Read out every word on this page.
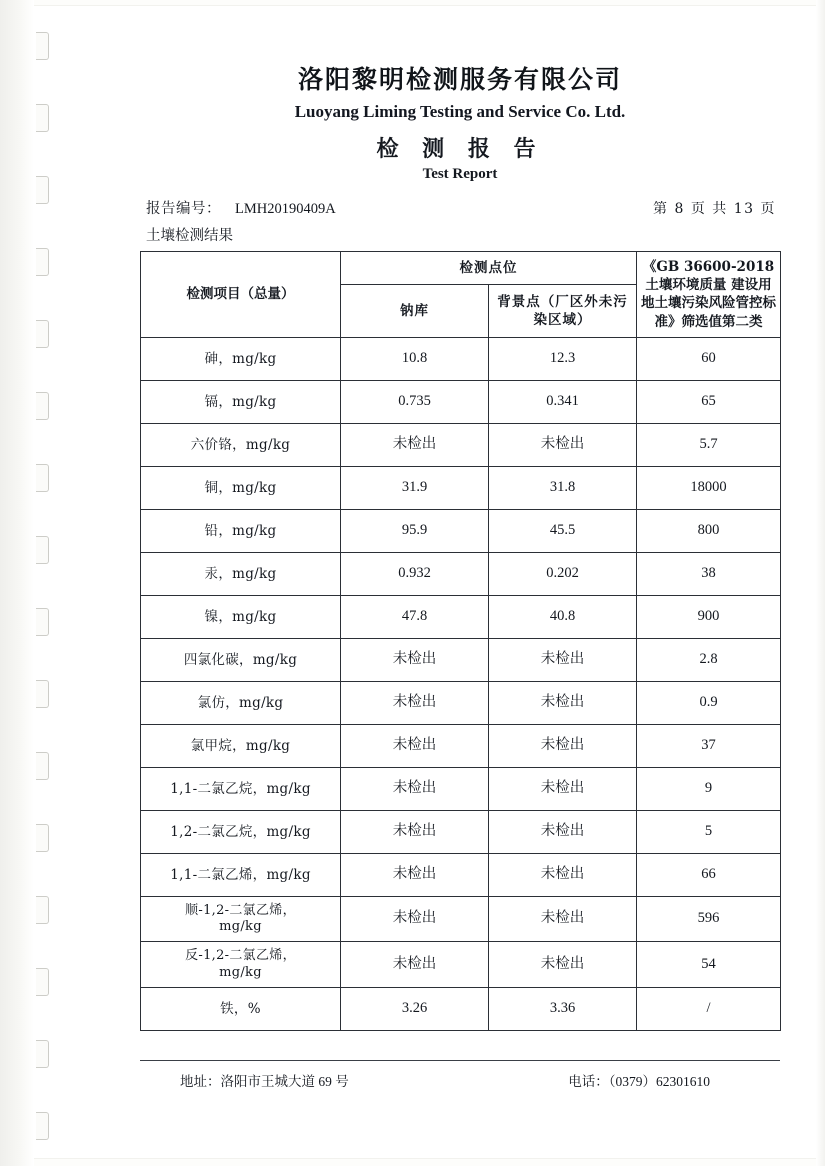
洛阳黎明检测服务有限公司
Luoyang Liming Testing and Service Co. Ltd.
检 测 报 告
Test Report
报告编号： LMH20190409A	第 8 页 共 13 页
土壤检测结果
检测项目（总量）	检测点位		《GB 36600-2018 土壤环境质量 建设用地土壤污染风险管控标准》筛选值第二类
	钠库	背景点（厂区外未污染区域）	
砷，mg/kg	10.8	12.3	60
镉，mg/kg	0.735	0.341	65
六价铬，mg/kg	未检出	未检出	5.7
铜，mg/kg	31.9	31.8	18000
铅，mg/kg	95.9	45.5	800
汞，mg/kg	0.932	0.202	38
镍，mg/kg	47.8	40.8	900
四氯化碳，mg/kg	未检出	未检出	2.8
氯仿，mg/kg	未检出	未检出	0.9
氯甲烷，mg/kg	未检出	未检出	37
1,1-二氯乙烷，mg/kg	未检出	未检出	9
1,2-二氯乙烷，mg/kg	未检出	未检出	5
1,1-二氯乙烯，mg/kg	未检出	未检出	66
顺-1,2-二氯乙烯，
mg/kg	未检出	未检出	596
反-1,2-二氯乙烯，
mg/kg	未检出	未检出	54
铁，%	3.26	3.36	/
地址：洛阳市王城大道 69 号	电话：（0379）62301610
